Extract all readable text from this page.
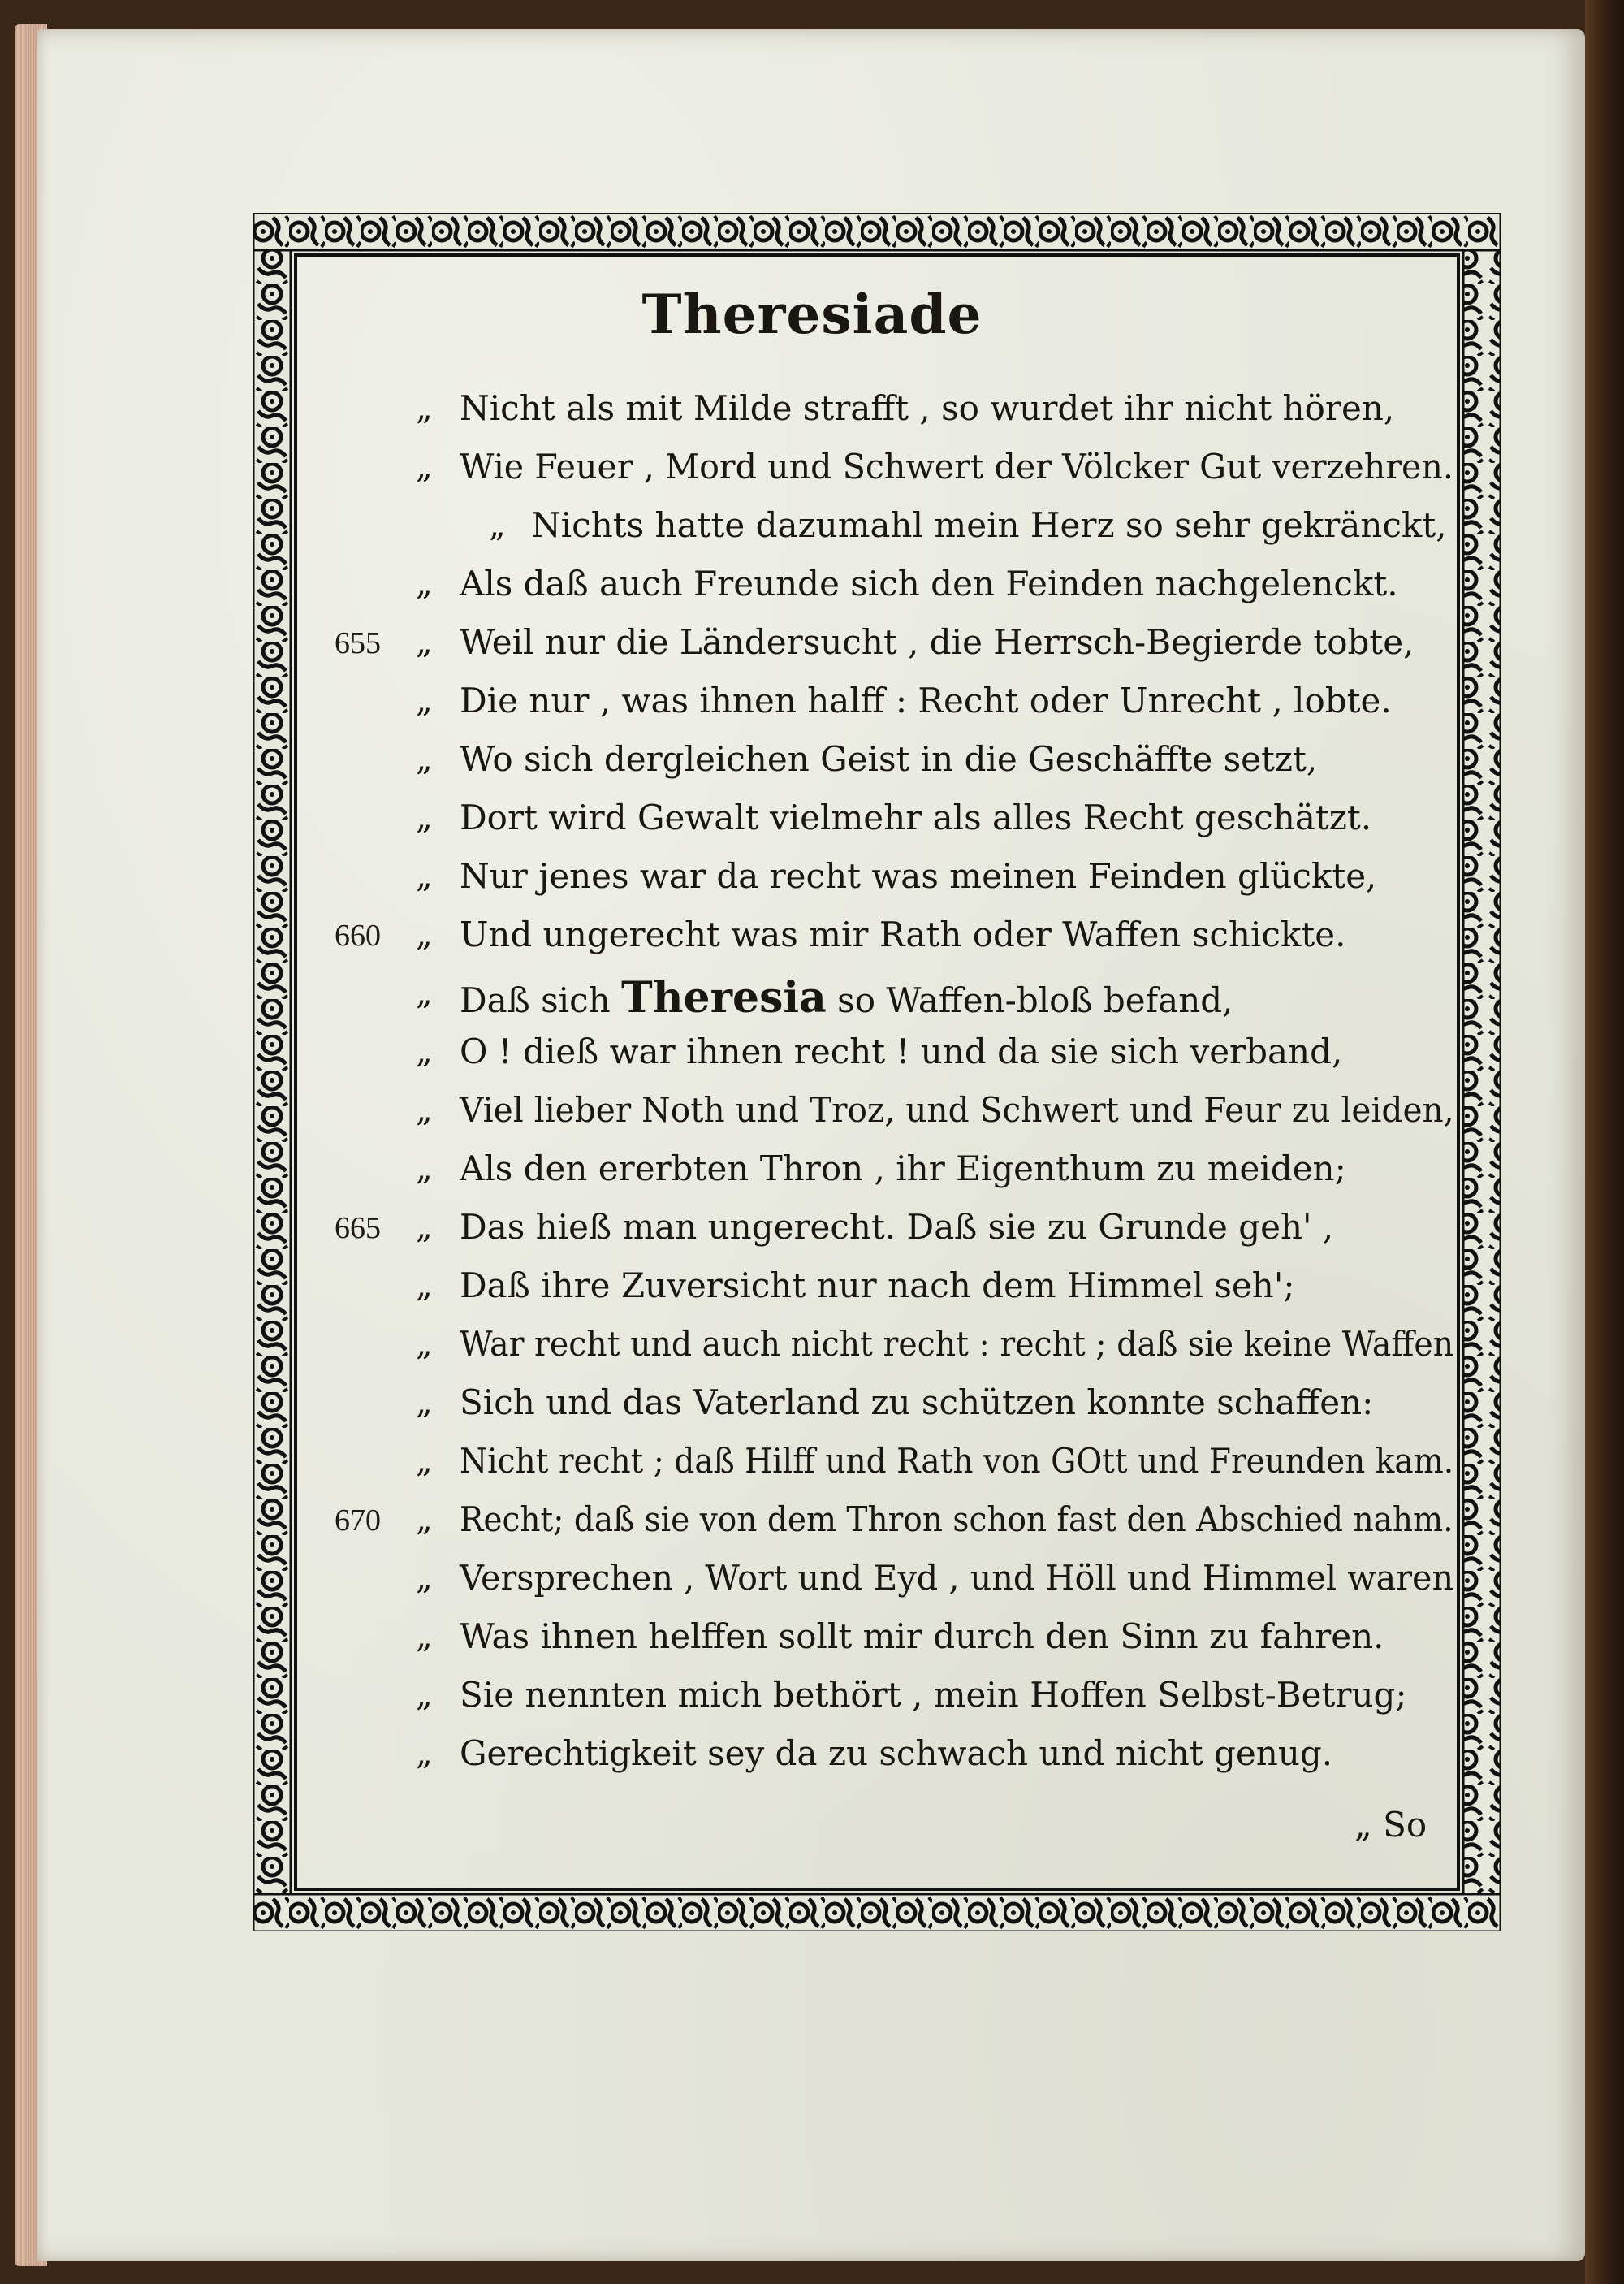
Theresiade
„ Nicht als mit Milde strafft , so wurdet ihr nicht hören,
„ Wie Feuer , Mord und Schwert der Völcker Gut verzehren.
„ Nichts hatte dazumahl mein Herz so sehr gekränckt,
„ Als daß auch Freunde sich den Feinden nachgelenckt.
655 „ Weil nur die Ländersucht , die Herrsch-Begierde tobte,
„ Die nur , was ihnen halff : Recht oder Unrecht , lobte.
„ Wo sich dergleichen Geist in die Geschäffte setzt,
„ Dort wird Gewalt vielmehr als alles Recht geschätzt.
„ Nur jenes war da recht was meinen Feinden glückte,
660 „ Und ungerecht was mir Rath oder Waffen schickte.
„ Daß sich Theresia so Waffen-bloß befand,
„ O ! dieß war ihnen recht ! und da sie sich verband,
„ Viel lieber Noth und Troz, und Schwert und Feur zu leiden,
„ Als den ererbten Thron , ihr Eigenthum zu meiden;
665 „ Das hieß man ungerecht. Daß sie zu Grunde geh' ,
„ Daß ihre Zuversicht nur nach dem Himmel seh';
„ War recht und auch nicht recht : recht ; daß sie keine Waffen
„ Sich und das Vaterland zu schützen konnte schaffen:
„ Nicht recht ; daß Hilff und Rath von GOtt und Freunden kam.
670 „ Recht; daß sie von dem Thron schon fast den Abschied nahm.
„ Versprechen , Wort und Eyd , und Höll und Himmel waren
„ Was ihnen helffen sollt mir durch den Sinn zu fahren.
„ Sie nennten mich bethört , mein Hoffen Selbst-Betrug;
„ Gerechtigkeit sey da zu schwach und nicht genug.
„ So
